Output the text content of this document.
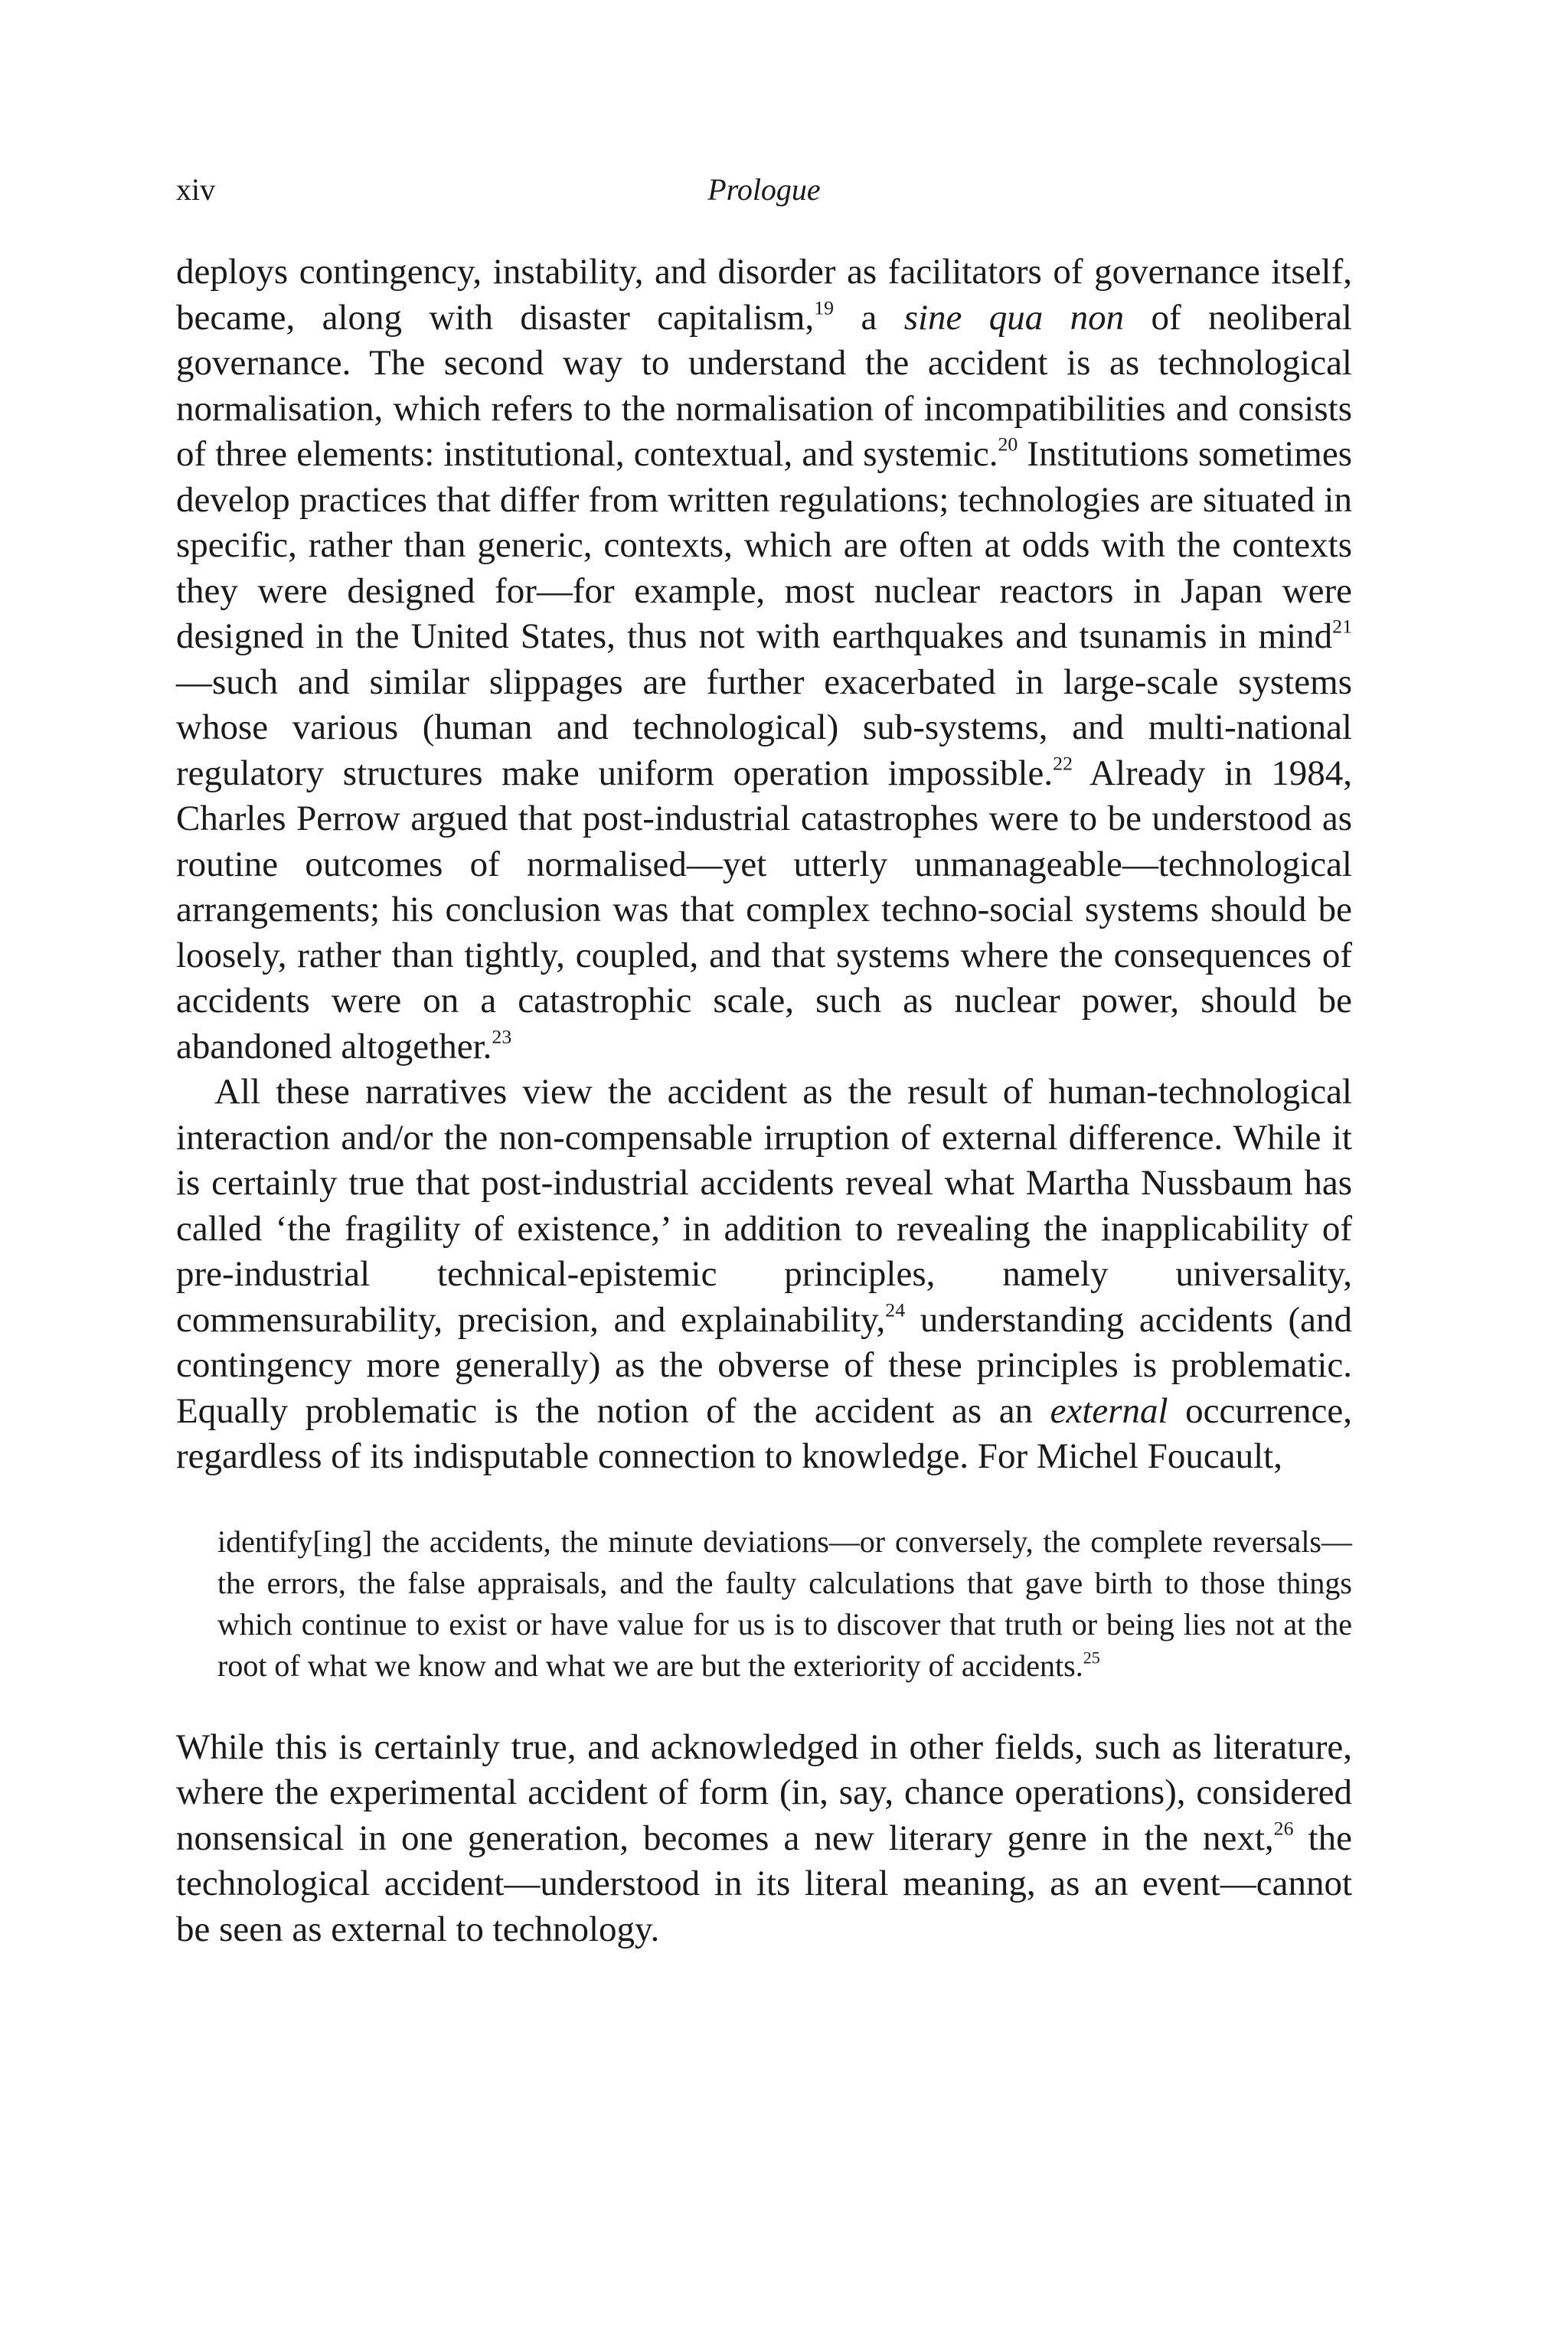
xiv	Prologue

deploys contingency, instability, and disorder as facilitators of governance itself, became, along with disaster capitalism,$^{19}$ a sine qua non of neoliberal governance. The second way to understand the accident is as technological normalisation, which refers to the normalisation of incompatibilities and consists of three elements: institutional, contextual, and systemic.$^{20}$ Institutions sometimes develop practices that differ from written regulations; technologies are situated in specific, rather than generic, contexts, which are often at odds with the contexts they were designed for—for example, most nuclear reactors in Japan were designed in the United States, thus not with earthquakes and tsunamis in mind$^{21}$—such and similar slippages are further exacerbated in large-scale systems whose various (human and technological) sub-systems, and multi-national regulatory structures make uniform operation impossible.$^{22}$ Already in 1984, Charles Perrow argued that post-industrial catastrophes were to be understood as routine outcomes of normalised—yet utterly unmanageable—technological arrangements; his conclusion was that complex techno-social systems should be loosely, rather than tightly, coupled, and that systems where the consequences of accidents were on a catastrophic scale, such as nuclear power, should be abandoned altogether.$^{23}$

All these narratives view the accident as the result of human-technological interaction and/or the non-compensable irruption of external difference. While it is certainly true that post-industrial accidents reveal what Martha Nussbaum has called ‘the fragility of existence,’ in addition to revealing the inapplicability of pre-industrial technical-epistemic principles, namely universality, commensurability, precision, and explainability,$^{24}$ understanding accidents (and contingency more generally) as the obverse of these principles is problematic. Equally problematic is the notion of the accident as an external occurrence, regardless of its indisputable connection to knowledge. For Michel Foucault,

identify[ing] the accidents, the minute deviations—or conversely, the complete reversals—the errors, the false appraisals, and the faulty calculations that gave birth to those things which continue to exist or have value for us is to discover that truth or being lies not at the root of what we know and what we are but the exteriority of accidents.$^{25}$

While this is certainly true, and acknowledged in other fields, such as literature, where the experimental accident of form (in, say, chance operations), considered nonsensical in one generation, becomes a new literary genre in the next,$^{26}$ the technological accident—understood in its literal meaning, as an event—cannot be seen as external to technology.
